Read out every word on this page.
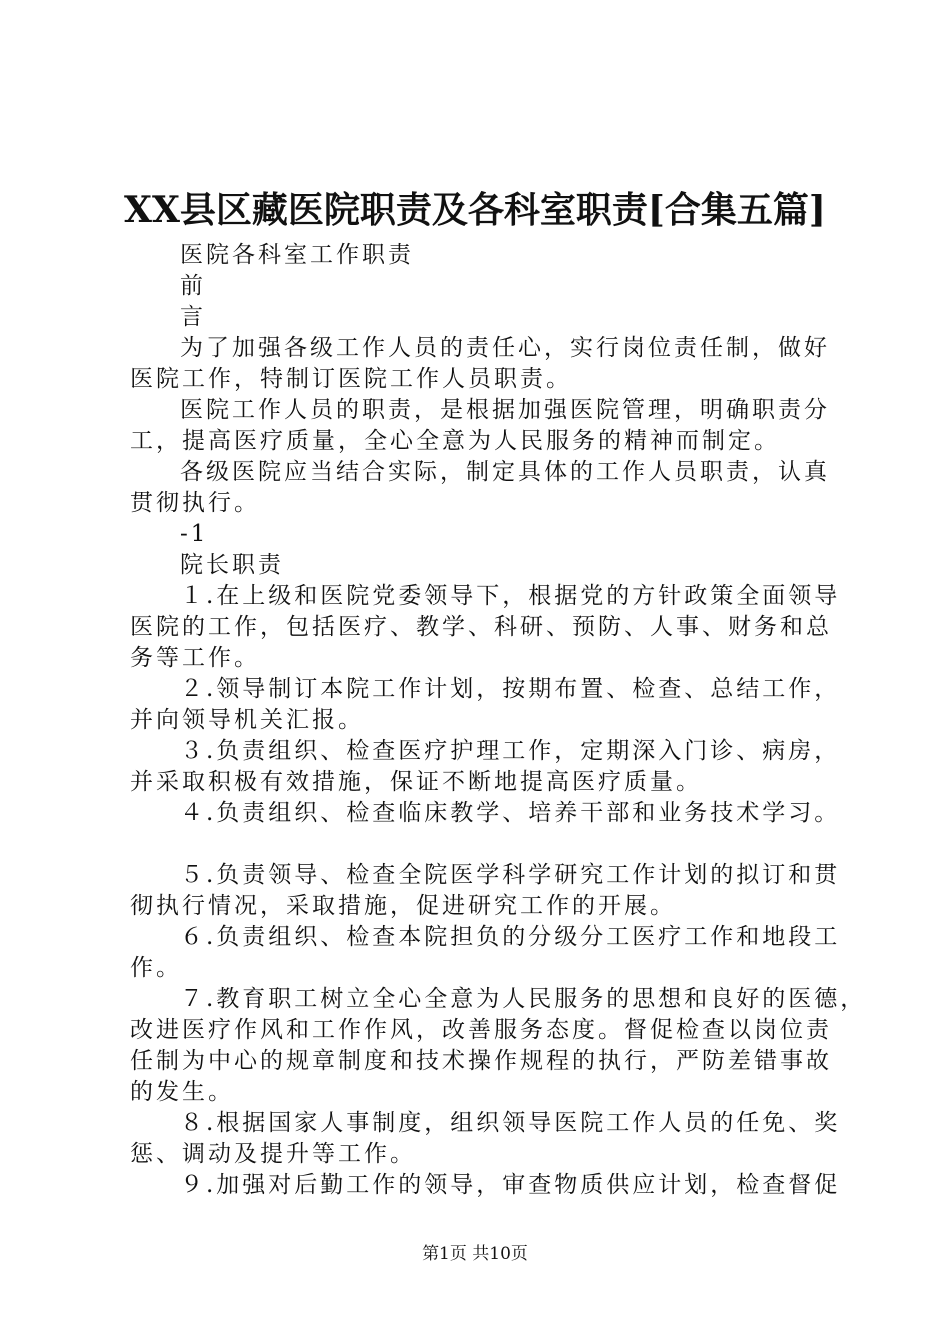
XX县区藏医院职责及各科室职责[合集五篇]
医院各科室工作职责
前
言
为了加强各级工作人员的责任心，实行岗位责任制，做好
医院工作，特制订医院工作人员职责。
医院工作人员的职责，是根据加强医院管理，明确职责分
工，提高医疗质量，全心全意为人民服务的精神而制定。
各级医院应当结合实际，制定具体的工作人员职责，认真
贯彻执行。
-1
院长职责
１.在上级和医院党委领导下，根据党的方针政策全面领导
医院的工作，包括医疗、教学、科研、预防、人事、财务和总
务等工作。
２.领导制订本院工作计划，按期布置、检查、总结工作，
并向领导机关汇报。
３.负责组织、检查医疗护理工作，定期深入门诊、病房，
并采取积极有效措施，保证不断地提高医疗质量。
４.负责组织、检查临床教学、培养干部和业务技术学习。
５.负责领导、检查全院医学科学研究工作计划的拟订和贯
彻执行情况，采取措施，促进研究工作的开展。
６.负责组织、检查本院担负的分级分工医疗工作和地段工
作。
７.教育职工树立全心全意为人民服务的思想和良好的医德，
改进医疗作风和工作作风，改善服务态度。督促检查以岗位责
任制为中心的规章制度和技术操作规程的执行，严防差错事故
的发生。
８.根据国家人事制度，组织领导医院工作人员的任免、奖
惩、调动及提升等工作。
９.加强对后勤工作的领导，审查物质供应计划，检查督促
第1页 共10页
